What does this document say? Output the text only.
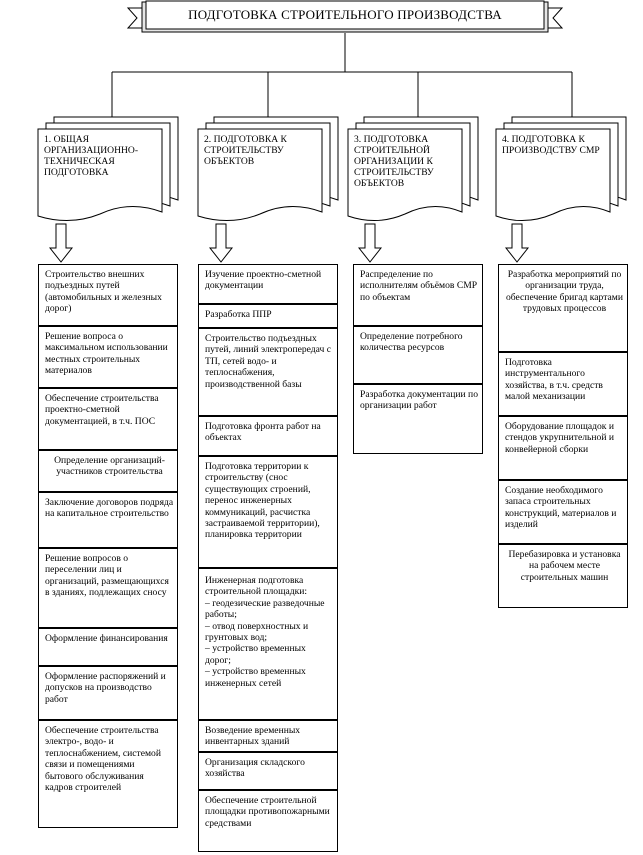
ПОДГОТОВКА СТРОИТЕЛЬНОГО ПРОИЗВОДСТВА
1. ОБЩАЯ ОРГАНИЗАЦИОННО-ТЕХНИЧЕСКАЯ ПОДГОТОВКА
2. ПОДГОТОВКА К СТРОИТЕЛЬСТВУ ОБЪЕКТОВ
3. ПОДГОТОВКА СТРОИТЕЛЬНОЙ ОРГАНИЗАЦИИ К СТРОИТЕЛЬСТВУ ОБЪЕКТОВ
4. ПОДГОТОВКА К ПРОИЗВОДСТВУ СМР
Строительство внешних подъездных путей (автомобильных и железных дорог)
Решение вопроса о максимальном использовании местных строительных материалов
Обеспечение строительства проектно-сметной документацией, в т.ч. ПОС
Определение организаций-участников строительства
Заключение договоров подряда на капитальное строительство
Решение вопросов о переселении лиц и организаций, размещающихся в зданиях, подлежащих сносу
Оформление финансирования
Оформление распоряжений и допусков на производство работ
Обеспечение строительства электро-, водо- и теплоснабжением, системой связи и помещениями бытового обслуживания кадров строителей
Изучение проектно-сметной документации
Разработка ППР
Строительство подъездных путей, линий электропередач с ТП, сетей водо- и теплоснабжения, производственной базы
Подготовка фронта работ на объектах
Подготовка территории к строительству (снос существующих строений, перенос инженерных коммуникаций, расчистка застраиваемой территории), планировка территории
Инженерная подготовка строительной площадки:
– геодезические разведочные работы;
– отвод поверхностных и грунтовых вод;
– устройство временных дорог;
– устройство временных инженерных сетей
Возведение временных инвентарных зданий
Организация складского хозяйства
Обеспечение строительной площадки противопожарными средствами
Распределение по исполнителям объёмов СМР по объектам
Определение потребного количества ресурсов
Разработка документации по организации работ
Разработка мероприятий по организации труда, обеспечение бригад картами трудовых процессов
Подготовка инструментального хозяйства, в т.ч. средств малой механизации
Оборудование площадок и стендов укрупнительной и конвейерной сборки
Создание необходимого запаса строительных конструкций, материалов и изделий
Перебазировка и установка на рабочем месте строительных машин
